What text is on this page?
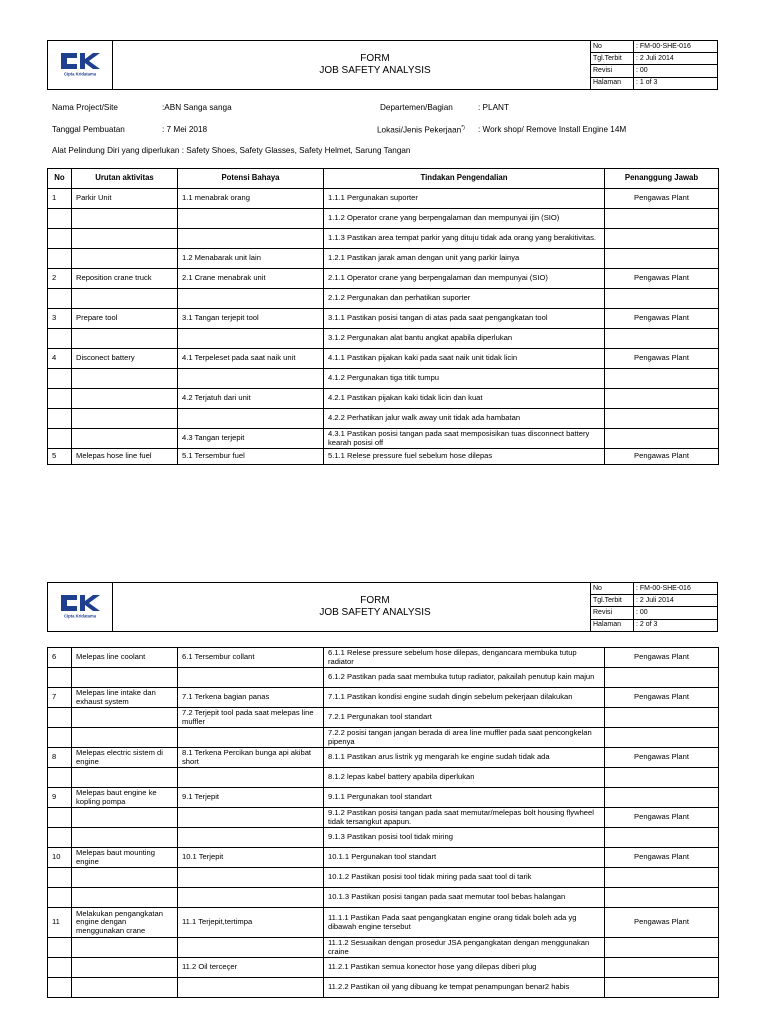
Cipta Kridatama
FORM
JOB SAFETY ANALYSIS
No	: FM-00-SHE-016
Tgl.Terbit	: 2 Juli 2014
Revisi	: 00
Halaman	: 1 of 3
Nama Project/Site	:ABN Sanga sanga	Departemen/Bagian	: PLANT
Tanggal Pembuatan	: 7 Mei 2018	Lokasi/Jenis Pekerjaan*) : Work shop/ Remove Install Engine 14M
Alat Pelindung Diri yang diperlukan : Safety Shoes, Safety Glasses, Safety Helmet, Sarung Tangan
No	Urutan aktivitas	Potensi Bahaya	Tindakan Pengendalian	Penanggung Jawab
1	Parkir Unit	1.1 menabrak orang	1.1.1 Pergunakan suporter	Pengawas Plant
			1.1.2 Operator crane yang berpengalaman dan mempunyai ijin (SIO)	
			1.1.3 Pastikan area tempat parkir yang dituju tidak ada orang yang berakitivitas.	
		1.2 Menabarak unit lain	1.2.1 Pastikan jarak aman dengan unit yang parkir lainya	
2	Reposition crane truck	2.1 Crane menabrak unit	2.1.1 Operator crane yang berpengalaman dan mempunyai (SIO)	Pengawas Plant
			2.1.2 Pergunakan dan perhatikan suporter	
3	Prepare tool	3.1 Tangan terjepit tool	3.1.1 Pastikan posisi tangan di atas pada saat pengangkatan tool	Pengawas Plant
			3.1.2 Pergunakan alat bantu angkat apabila diperlukan	
4	Disconect battery	4.1 Terpeleset pada saat naik unit	4.1.1 Pastikan pijakan kaki pada saat naik unit tidak licin	Pengawas Plant
			4.1.2 Pergunakan tiga titik tumpu	
		4.2 Terjatuh dari unit	4.2.1 Pastikan pijakan kaki tidak licin dan kuat	
			4.2.2 Perhatikan jalur walk away unit tidak ada hambatan	
		4.3 Tangan terjepit	4.3.1 Pastikan posisi tangan pada saat memposisikan tuas disconnect battery kearah posisi off	
5	Melepas hose line fuel	5.1 Tersembur fuel	5.1.1 Relese pressure fuel sebelum hose dilepas	Pengawas Plant
Cipta Kridatama
FORM
JOB SAFETY ANALYSIS
No	: FM-00-SHE-016
Tgl.Terbit	: 2 Juli 2014
Revisi	: 00
Halaman	: 2 of 3
6	Melepas line coolant	6.1 Tersembur collant	6.1.1 Relese pressure sebelum hose dilepas, dengancara membuka tutup radiator	Pengawas Plant
			6.1.2 Pastikan pada saat membuka tutup radiator, pakailah penutup kain majun	
7	Melepas line intake dan exhaust system	7.1 Terkena bagian panas	7.1.1 Pastikan kondisi engine sudah dingin sebelum pekerjaan dilakukan	Pengawas Plant
		7.2 Terjepit tool pada saat melepas line muffler	7.2.1 Pergunakan tool standart	
			7.2.2 posisi tangan jangan berada di area line muffler pada saat pencongkelan pipenya	
8	Melepas electric sistem di engine	8.1 Terkena Percikan bunga api akibat short	8.1.1 Pastikan arus listrik yg mengarah ke engine sudah tidak ada	Pengawas Plant
			8.1.2 lepas kabel battery apabila diperlukan	
9	Melepas baut engine ke kopling pompa	9.1 Terjepit	9.1.1 Pergunakan tool standart	
			9.1.2 Pastikan posisi tangan pada saat memutar/melepas bolt housing flywheel tidak tersangkut apapun.	Pengawas Plant
			9.1.3 Pastikan posisi tool tidak miring	
10	Melepas baut mounting engine	10.1 Terjepit	10.1.1 Pergunakan tool standart	Pengawas Plant
			10.1.2 Pastikan posisi tool tidak miring pada saat tool di tarik	
			10.1.3 Pastikan posisi tangan pada saat memutar tool bebas halangan	
11	Melakukan pengangkatan engine dengan menggunakan crane	11.1 Terjepit,tertimpa	11.1.1 Pastikan Pada saat pengangkatan engine orang tidak boleh ada yg dibawah engine tersebut	Pengawas Plant
			11.1.2 Sesuaikan dengan prosedur JSA pengangkatan dengan menggunakan craine	
		11.2 Oil terceçer	11.2.1 Pastikan semua konector hose yang dilepas diberi plug	
			11.2.2 Pastikan oil yang dibuang ke tempat penampungan benar2 habis	
